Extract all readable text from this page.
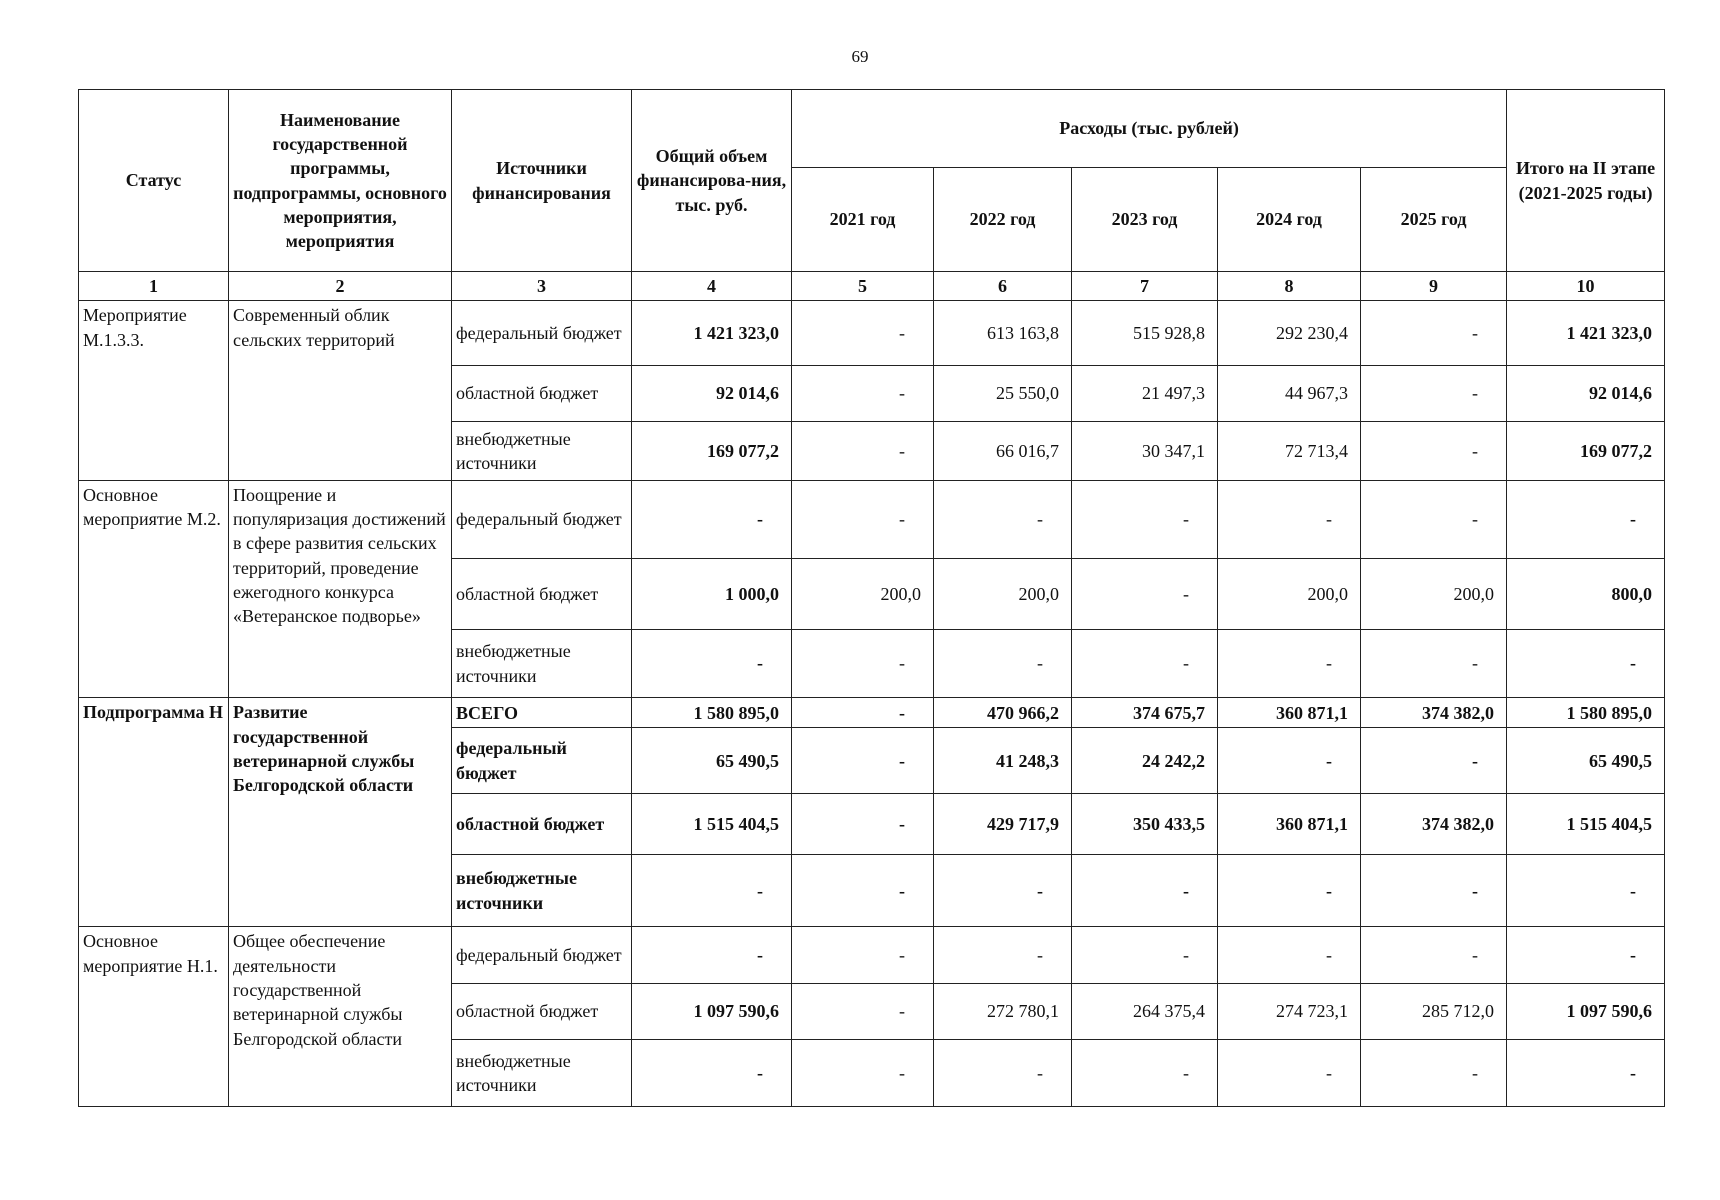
69
Статус	Наименование государственной программы, подпрограммы, основного мероприятия, мероприятия	Источники финансирования	Общий объем финансирова-ния, тыс. руб.	Расходы (тыс. рублей)					Итого на II этапе (2021-2025 годы)
				2021 год	2022 год	2023 год	2024 год	2025 год	
1	2	3	4	5	6	7	8	9	10
Мероприятие М.1.3.3.	Современный облик сельских территорий	федеральный бюджет	1 421 323,0	-	613 163,8	515 928,8	292 230,4	-	1 421 323,0
		областной бюджет	92 014,6	-	25 550,0	21 497,3	44 967,3	-	92 014,6
		внебюджетные источники	169 077,2	-	66 016,7	30 347,1	72 713,4	-	169 077,2
Основное мероприятие М.2.	Поощрение и популяризация достижений в сфере развития сельских территорий, проведение ежегодного конкурса «Ветеранское подворье»	федеральный бюджет	-	-	-	-	-	-	-
		областной бюджет	1 000,0	200,0	200,0	-	200,0	200,0	800,0
		внебюджетные источники	-	-	-	-	-	-	-
Подпрограмма Н	Развитие государственной ветеринарной службы Белгородской области	ВСЕГО	1 580 895,0	-	470 966,2	374 675,7	360 871,1	374 382,0	1 580 895,0
		федеральный бюджет	65 490,5	-	41 248,3	24 242,2	-	-	65 490,5
		областной бюджет	1 515 404,5	-	429 717,9	350 433,5	360 871,1	374 382,0	1 515 404,5
		внебюджетные источники	-	-	-	-	-	-	-
Основное мероприятие Н.1.	Общее обеспечение деятельности государственной ветеринарной службы Белгородской области	федеральный бюджет	-	-	-	-	-	-	-
		областной бюджет	1 097 590,6	-	272 780,1	264 375,4	274 723,1	285 712,0	1 097 590,6
		внебюджетные источники	-	-	-	-	-	-	-
